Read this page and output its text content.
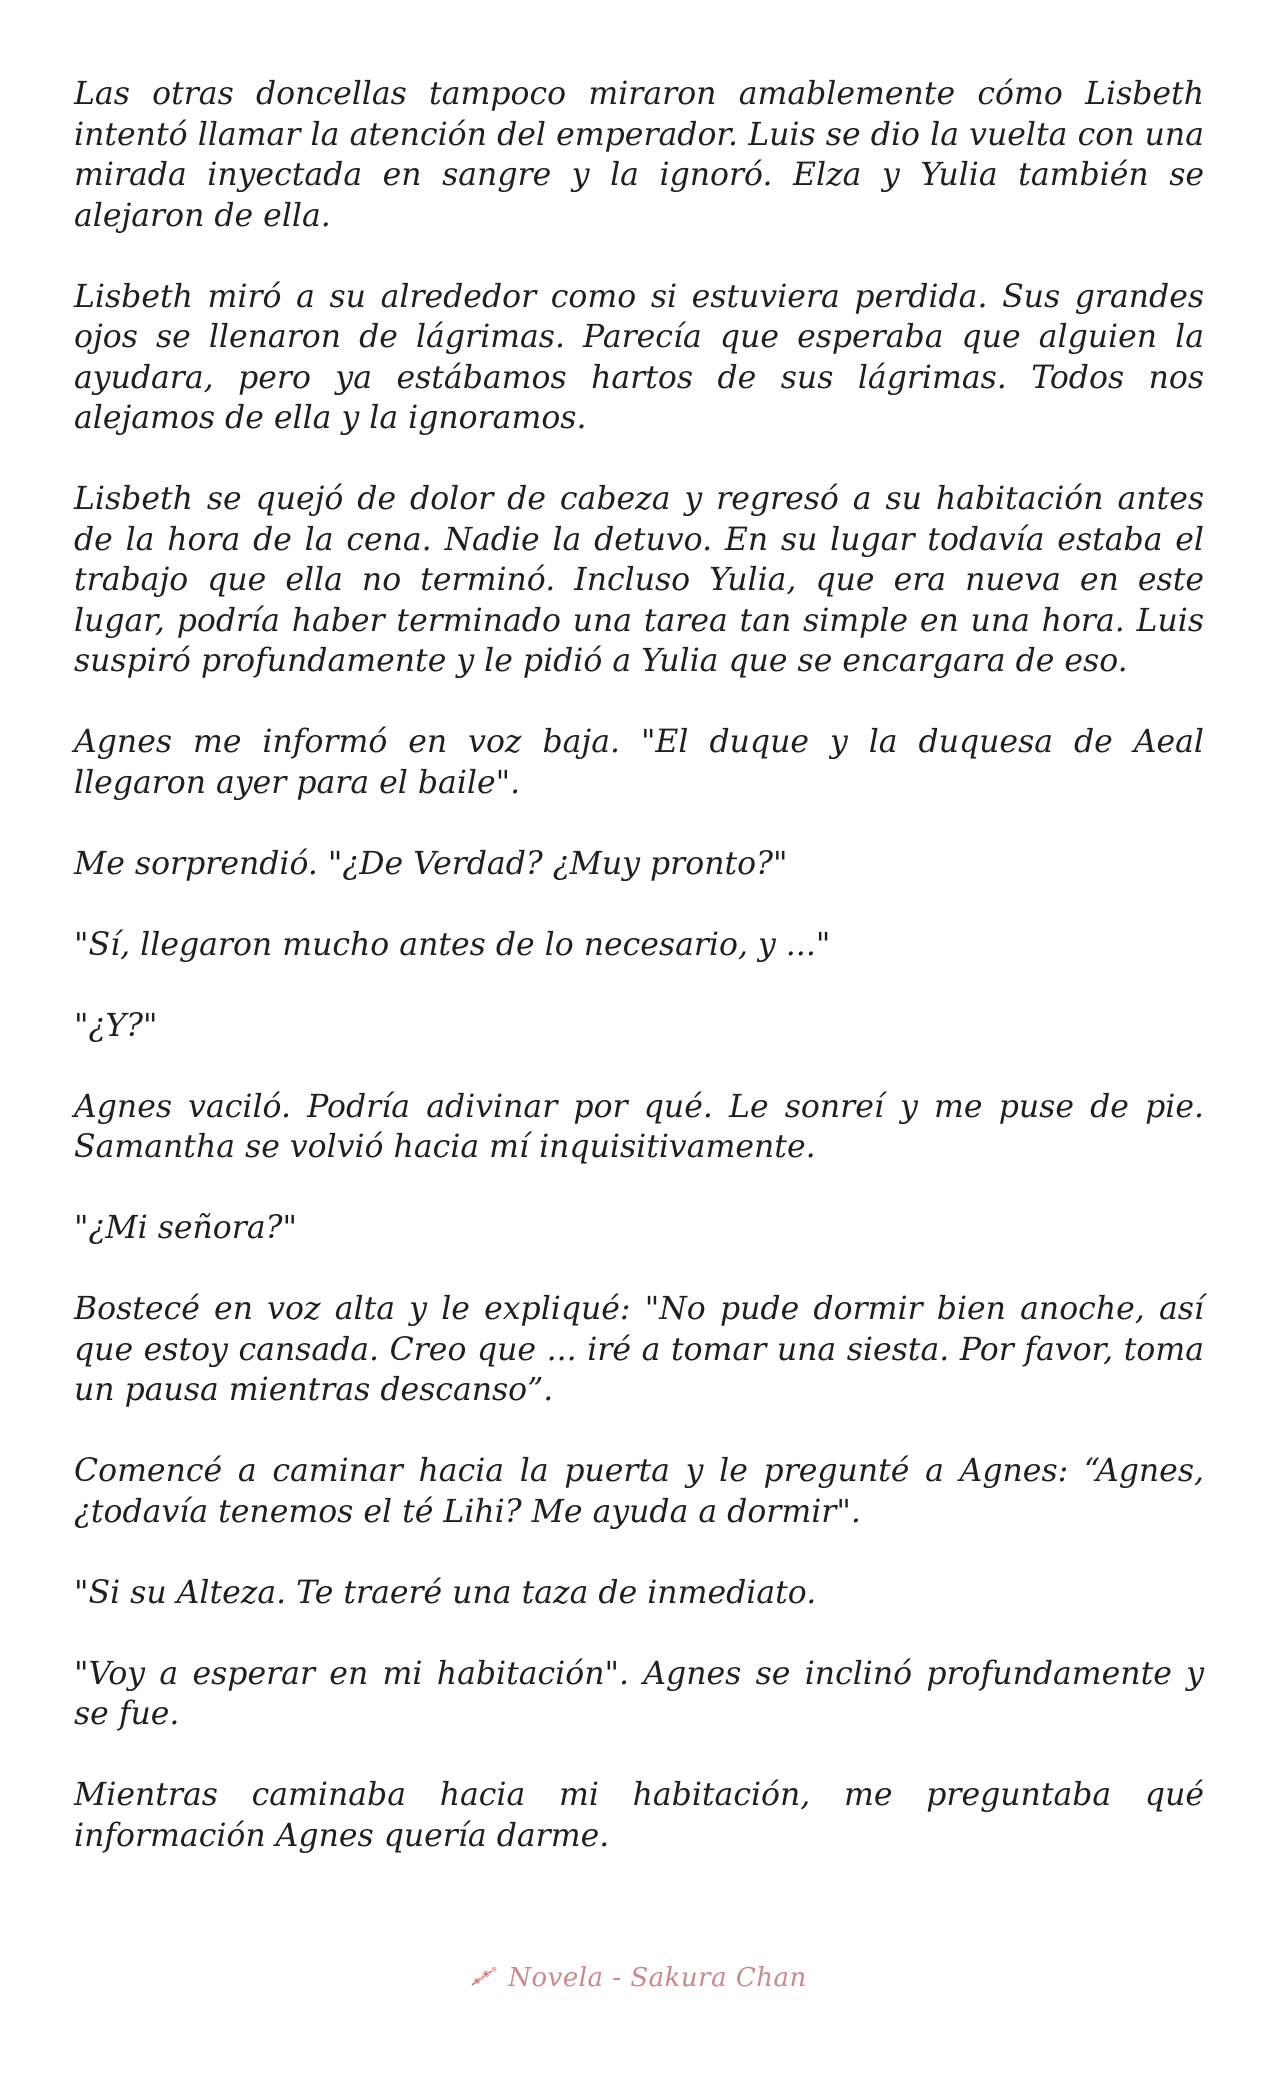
Las otras doncellas tampoco miraron amablemente cómo Lisbeth intentó llamar la atención del emperador. Luis se dio la vuelta con una mirada inyectada en sangre y la ignoró. Elza y Yulia también se alejaron de ella.

Lisbeth miró a su alrededor como si estuviera perdida. Sus grandes ojos se llenaron de lágrimas. Parecía que esperaba que alguien la ayudara, pero ya estábamos hartos de sus lágrimas. Todos nos alejamos de ella y la ignoramos.

Lisbeth se quejó de dolor de cabeza y regresó a su habitación antes de la hora de la cena. Nadie la detuvo. En su lugar todavía estaba el trabajo que ella no terminó. Incluso Yulia, que era nueva en este lugar, podría haber terminado una tarea tan simple en una hora. Luis suspiró profundamente y le pidió a Yulia que se encargara de eso.

Agnes me informó en voz baja. "El duque y la duquesa de Aeal llegaron ayer para el baile".

Me sorprendió. "¿De Verdad? ¿Muy pronto?"

"Sí, llegaron mucho antes de lo necesario, y ..."

"¿Y?"

Agnes vaciló. Podría adivinar por qué. Le sonreí y me puse de pie. Samantha se volvió hacia mí inquisitivamente.

"¿Mi señora?"

Bostecé en voz alta y le expliqué: "No pude dormir bien anoche, así que estoy cansada. Creo que ... iré a tomar una siesta. Por favor, toma un pausa mientras descanso”.

Comencé a caminar hacia la puerta y le pregunté a Agnes: “Agnes, ¿todavía tenemos el té Lihi? Me ayuda a dormir".

"Si su Alteza. Te traeré una taza de inmediato.

"Voy a esperar en mi habitación". Agnes se inclinó profundamente y se fue.

Mientras caminaba hacia mi habitación, me preguntaba qué información Agnes quería darme.

Novela - Sakura Chan
